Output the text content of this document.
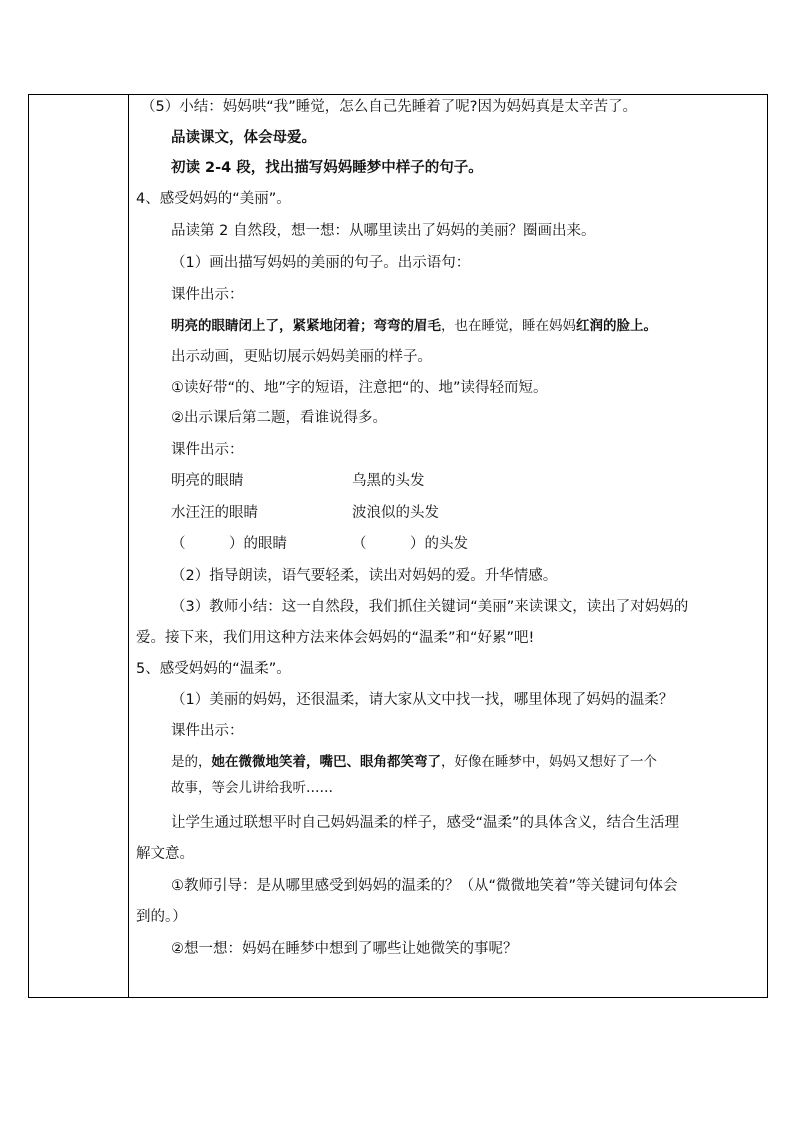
（5）小结：妈妈哄“我”睡觉，怎么自己先睡着了呢?因为妈妈真是太辛苦了。
品读课文，体会母爱。
初读 2-4 段，找出描写妈妈睡梦中样子的句子。
4、感受妈妈的“美丽”。
品读第 2 自然段，想一想：从哪里读出了妈妈的美丽？圈画出来。
（1）画出描写妈妈的美丽的句子。出示语句：
课件出示：
明亮的眼睛闭上了，紧紧地闭着；弯弯的眉毛，也在睡觉，睡在妈妈红润的脸上。
出示动画，更贴切展示妈妈美丽的样子。
①读好带“的、地”字的短语，注意把“的、地”读得轻而短。
②出示课后第二题，看谁说得多。
课件出示：
明亮的眼睛	乌黑的头发
水汪汪的眼睛	波浪似的头发
（　　　）的眼睛	（　　　）的头发
（2）指导朗读，语气要轻柔，读出对妈妈的爱。升华情感。
（3）教师小结：这一自然段，我们抓住关键词“美丽”来读课文，读出了对妈妈的
爱。接下来，我们用这种方法来体会妈妈的“温柔”和“好累”吧!
5、感受妈妈的“温柔”。
（1）美丽的妈妈，还很温柔，请大家从文中找一找，哪里体现了妈妈的温柔？
课件出示：
是的，她在微微地笑着，嘴巴、眼角都笑弯了，好像在睡梦中，妈妈又想好了一个
故事，等会儿讲给我听……
让学生通过联想平时自己妈妈温柔的样子，感受“温柔”的具体含义，结合生活理
解文意。
①教师引导：是从哪里感受到妈妈的温柔的？（从“微微地笑着”等关键词句体会
到的。）
②想一想：妈妈在睡梦中想到了哪些让她微笑的事呢？
